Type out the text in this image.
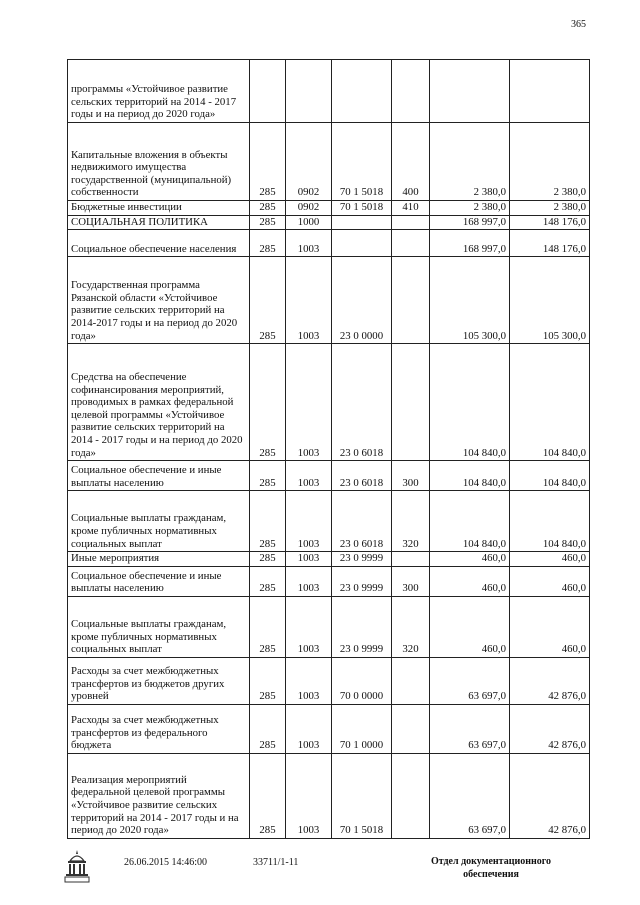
365
программы «Устойчивое развитие сельских территорий на 2014 - 2017 годы и на период до 2020 года»						
Капитальные вложения в объекты недвижимого имущества государственной (муниципальной) собственности	285	0902	70 1 5018	400	2 380,0	2 380,0
Бюджетные инвестиции	285	0902	70 1 5018	410	2 380,0	2 380,0
СОЦИАЛЬНАЯ ПОЛИТИКА	285	1000			168 997,0	148 176,0
Социальное обеспечение населения	285	1003			168 997,0	148 176,0
Государственная программа Рязанской области «Устойчивое развитие сельских территорий на 2014-2017 годы и на период до 2020 года»	285	1003	23 0 0000		105 300,0	105 300,0
Средства на обеспечение софинансирования мероприятий, проводимых в рамках федеральной целевой программы «Устойчивое развитие сельских территорий на 2014 - 2017 годы и на период до 2020 года»	285	1003	23 0 6018		104 840,0	104 840,0
Социальное обеспечение и иные выплаты населению	285	1003	23 0 6018	300	104 840,0	104 840,0
Социальные выплаты гражданам, кроме публичных нормативных социальных выплат	285	1003	23 0 6018	320	104 840,0	104 840,0
Иные мероприятия	285	1003	23 0 9999		460,0	460,0
Социальное обеспечение и иные выплаты населению	285	1003	23 0 9999	300	460,0	460,0
Социальные выплаты гражданам, кроме публичных нормативных социальных выплат	285	1003	23 0 9999	320	460,0	460,0
Расходы за счет межбюджетных трансфертов из бюджетов других уровней	285	1003	70 0 0000		63 697,0	42 876,0
Расходы за счет межбюджетных трансфертов из федерального бюджета	285	1003	70 1 0000		63 697,0	42 876,0
Реализация мероприятий федеральной целевой программы «Устойчивое развитие сельских территорий на 2014 - 2017 годы и на период до 2020 года»	285	1003	70 1 5018		63 697,0	42 876,0
26.06.2015 14:46:00	33711/1-11	Отдел документационного обеспечения
